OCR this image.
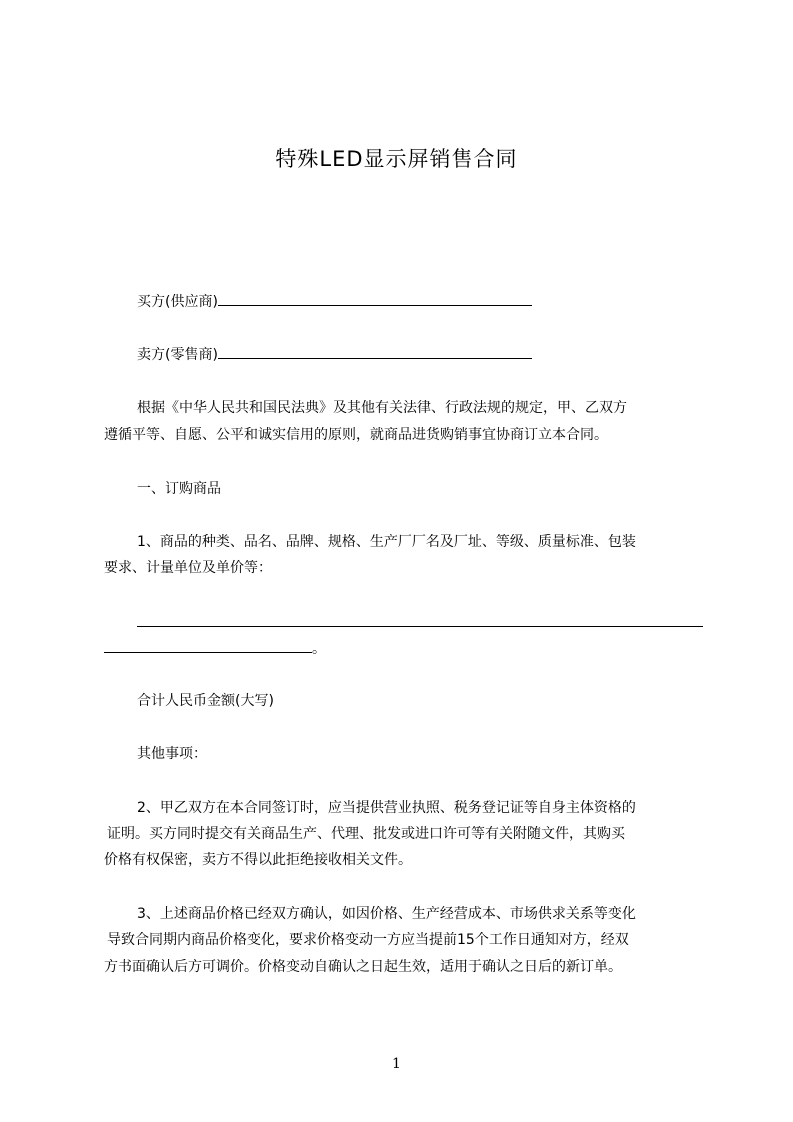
特殊LED显示屏销售合同
买方(供应商)
卖方(零售商)
根据《中华人民共和国民法典》及其他有关法律、行政法规的规定，甲、乙双方
遵循平等、自愿、公平和诚实信用的原则，就商品进货购销事宜协商订立本合同。
一、订购商品
1、商品的种类、品名、品牌、规格、生产厂厂名及厂址、等级、质量标准、包装
要求、计量单位及单价等：
。
合计人民币金额(大写)
其他事项：
2、甲乙双方在本合同签订时，应当提供营业执照、税务登记证等自身主体资格的
证明。买方同时提交有关商品生产、代理、批发或进口许可等有关附随文件，其购买
价格有权保密，卖方不得以此拒绝接收相关文件。
3、上述商品价格已经双方确认，如因价格、生产经营成本、市场供求关系等变化
导致合同期内商品价格变化，要求价格变动一方应当提前15个工作日通知对方，经双
方书面确认后方可调价。价格变动自确认之日起生效，适用于确认之日后的新订单。
1
